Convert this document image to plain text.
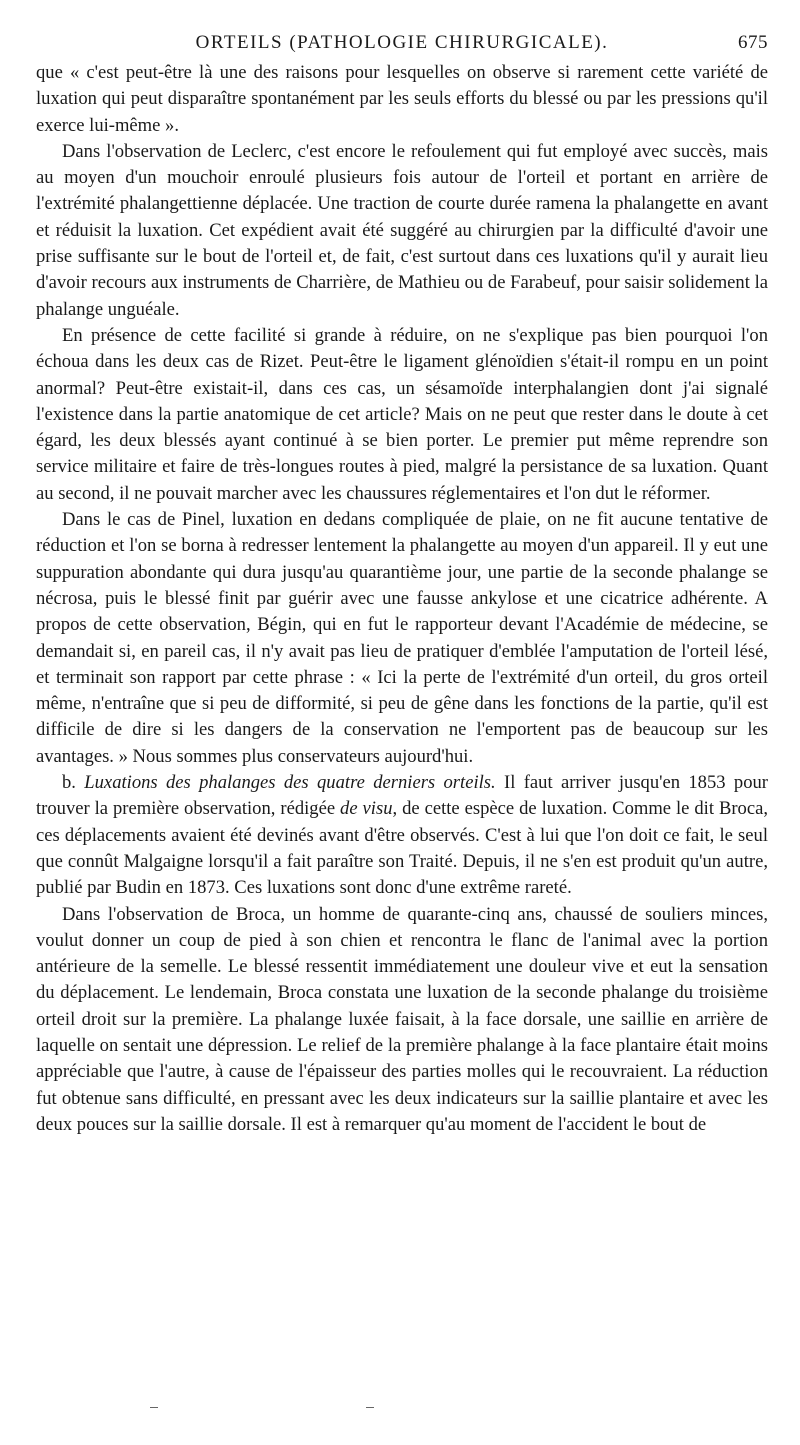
ORTEILS (PATHOLOGIE CHIRURGICALE).	675

que « c'est peut-être là une des raisons pour lesquelles on observe si rarement cette variété de luxation qui peut disparaître spontanément par les seuls efforts du blessé ou par les pressions qu'il exerce lui-même ».

Dans l'observation de Leclerc, c'est encore le refoulement qui fut employé avec succès, mais au moyen d'un mouchoir enroulé plusieurs fois autour de l'orteil et portant en arrière de l'extrémité phalangettienne déplacée. Une traction de courte durée ramena la phalangette en avant et réduisit la luxation. Cet expédient avait été suggéré au chirurgien par la difficulté d'avoir une prise suffisante sur le bout de l'orteil et, de fait, c'est surtout dans ces luxations qu'il y aurait lieu d'avoir recours aux instruments de Charrière, de Mathieu ou de Farabeuf, pour saisir solidement la phalange unguéale.

En présence de cette facilité si grande à réduire, on ne s'explique pas bien pourquoi l'on échoua dans les deux cas de Rizet. Peut-être le ligament glénoïdien s'était-il rompu en un point anormal? Peut-être existait-il, dans ces cas, un sésamoïde interphalangien dont j'ai signalé l'existence dans la partie anatomique de cet article? Mais on ne peut que rester dans le doute à cet égard, les deux blessés ayant continué à se bien porter. Le premier put même reprendre son service militaire et faire de très-longues routes à pied, malgré la persistance de sa luxation. Quant au second, il ne pouvait marcher avec les chaussures réglementaires et l'on dut le réformer.

Dans le cas de Pinel, luxation en dedans compliquée de plaie, on ne fit aucune tentative de réduction et l'on se borna à redresser lentement la phalangette au moyen d'un appareil. Il y eut une suppuration abondante qui dura jusqu'au quarantième jour, une partie de la seconde phalange se nécrosa, puis le blessé finit par guérir avec une fausse ankylose et une cicatrice adhérente. A propos de cette observation, Bégin, qui en fut le rapporteur devant l'Académie de médecine, se demandait si, en pareil cas, il n'y avait pas lieu de pratiquer d'emblée l'amputation de l'orteil lésé, et terminait son rapport par cette phrase : « Ici la perte de l'extrémité d'un orteil, du gros orteil même, n'entraîne que si peu de difformité, si peu de gêne dans les fonctions de la partie, qu'il est difficile de dire si les dangers de la conservation ne l'emportent pas de beaucoup sur les avantages. » Nous sommes plus conservateurs aujourd'hui.

b. Luxations des phalanges des quatre derniers orteils. Il faut arriver jusqu'en 1853 pour trouver la première observation, rédigée de visu, de cette espèce de luxation. Comme le dit Broca, ces déplacements avaient été devinés avant d'être observés. C'est à lui que l'on doit ce fait, le seul que connût Malgaigne lorsqu'il a fait paraître son Traité. Depuis, il ne s'en est produit qu'un autre, publié par Budin en 1873. Ces luxations sont donc d'une extrême rareté.

Dans l'observation de Broca, un homme de quarante-cinq ans, chaussé de souliers minces, voulut donner un coup de pied à son chien et rencontra le flanc de l'animal avec la portion antérieure de la semelle. Le blessé ressentit immédiatement une douleur vive et eut la sensation du déplacement. Le lendemain, Broca constata une luxation de la seconde phalange du troisième orteil droit sur la première. La phalange luxée faisait, à la face dorsale, une saillie en arrière de laquelle on sentait une dépression. Le relief de la première phalange à la face plantaire était moins appréciable que l'autre, à cause de l'épaisseur des parties molles qui le recouvraient. La réduction fut obtenue sans difficulté, en pressant avec les deux indicateurs sur la saillie plantaire et avec les deux pouces sur la saillie dorsale. Il est à remarquer qu'au moment de l'accident le bout de
